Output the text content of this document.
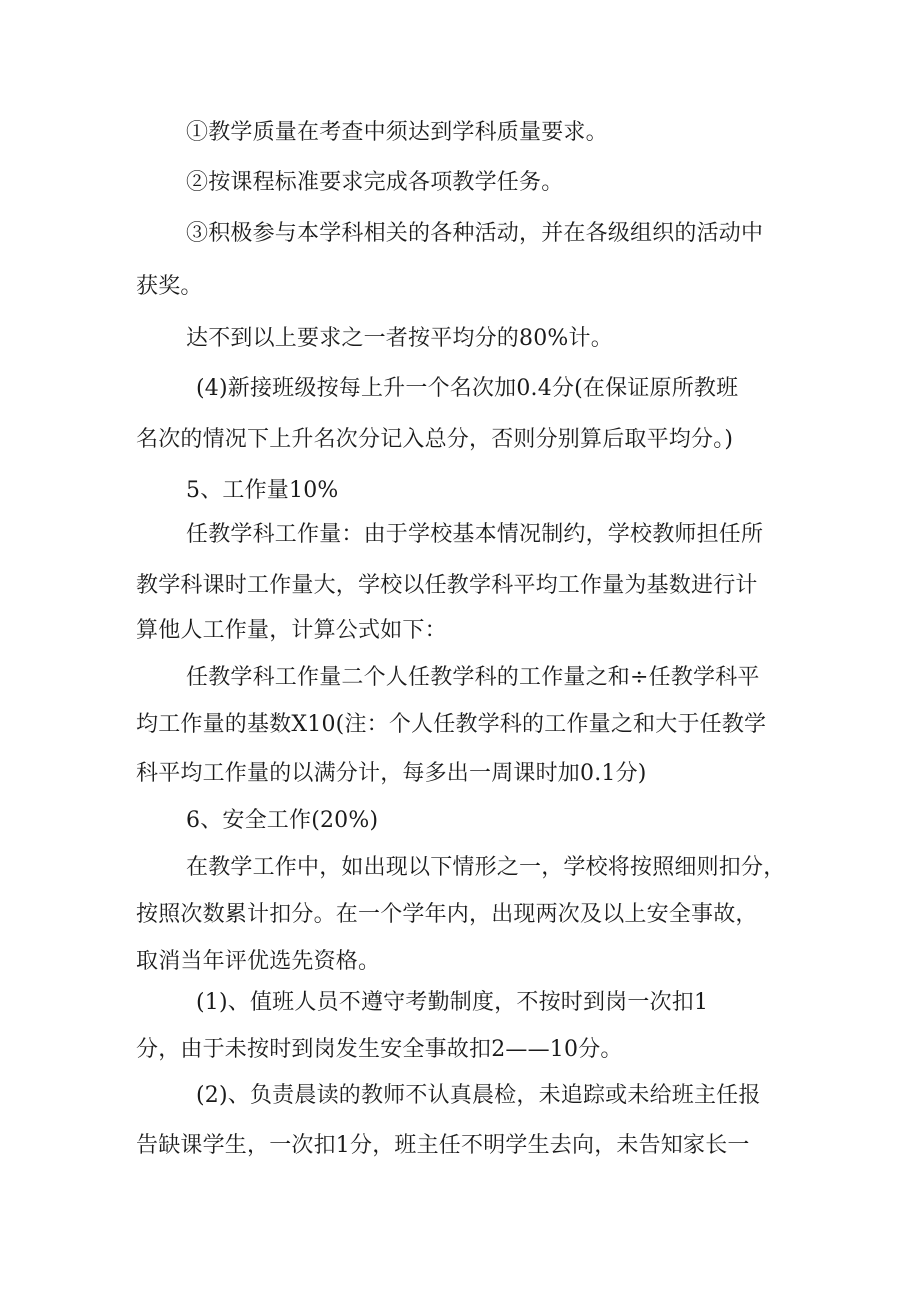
①教学质量在考查中须达到学科质量要求。
②按课程标准要求完成各项教学任务。
③积极参与本学科相关的各种活动，并在各级组织的活动中
获奖。
达不到以上要求之一者按平均分的80%计。
(4)新接班级按每上升一个名次加0.4分(在保证原所教班
名次的情况下上升名次分记入总分，否则分别算后取平均分。)
5、工作量10%
任教学科工作量：由于学校基本情况制约，学校教师担任所
教学科课时工作量大，学校以任教学科平均工作量为基数进行计
算他人工作量，计算公式如下：
任教学科工作量二个人任教学科的工作量之和÷任教学科平
均工作量的基数X10(注：个人任教学科的工作量之和大于任教学
科平均工作量的以满分计，每多出一周课时加0.1分)
6、安全工作(20%)
在教学工作中，如出现以下情形之一，学校将按照细则扣分，
按照次数累计扣分。在一个学年内，出现两次及以上安全事故，
取消当年评优选先资格。
(1)、值班人员不遵守考勤制度，不按时到岗一次扣1
分，由于未按时到岗发生安全事故扣2——10分。
(2)、负责晨读的教师不认真晨检，未追踪或未给班主任报
告缺课学生，一次扣1分，班主任不明学生去向，未告知家长一
